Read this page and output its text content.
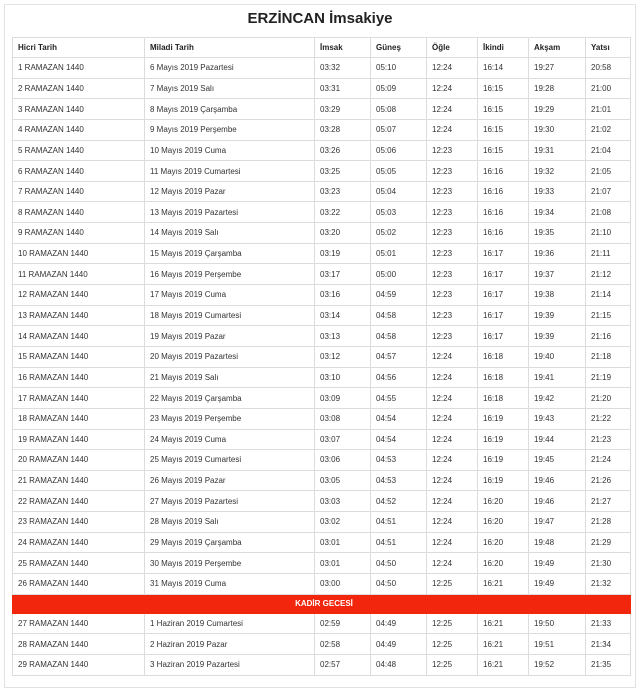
ERZİNCAN İmsakiye
Hicri Tarih	Miladi Tarih	İmsak	Güneş	Öğle	İkindi	Akşam	Yatsı
1 RAMAZAN 1440	6 Mayıs 2019 Pazartesi	03:32	05:10	12:24	16:14	19:27	20:58
2 RAMAZAN 1440	7 Mayıs 2019 Salı	03:31	05:09	12:24	16:15	19:28	21:00
3 RAMAZAN 1440	8 Mayıs 2019 Çarşamba	03:29	05:08	12:24	16:15	19:29	21:01
4 RAMAZAN 1440	9 Mayıs 2019 Perşembe	03:28	05:07	12:24	16:15	19:30	21:02
5 RAMAZAN 1440	10 Mayıs 2019 Cuma	03:26	05:06	12:23	16:15	19:31	21:04
6 RAMAZAN 1440	11 Mayıs 2019 Cumartesi	03:25	05:05	12:23	16:16	19:32	21:05
7 RAMAZAN 1440	12 Mayıs 2019 Pazar	03:23	05:04	12:23	16:16	19:33	21:07
8 RAMAZAN 1440	13 Mayıs 2019 Pazartesi	03:22	05:03	12:23	16:16	19:34	21:08
9 RAMAZAN 1440	14 Mayıs 2019 Salı	03:20	05:02	12:23	16:16	19:35	21:10
10 RAMAZAN 1440	15 Mayıs 2019 Çarşamba	03:19	05:01	12:23	16:17	19:36	21:11
11 RAMAZAN 1440	16 Mayıs 2019 Perşembe	03:17	05:00	12:23	16:17	19:37	21:12
12 RAMAZAN 1440	17 Mayıs 2019 Cuma	03:16	04:59	12:23	16:17	19:38	21:14
13 RAMAZAN 1440	18 Mayıs 2019 Cumartesi	03:14	04:58	12:23	16:17	19:39	21:15
14 RAMAZAN 1440	19 Mayıs 2019 Pazar	03:13	04:58	12:23	16:17	19:39	21:16
15 RAMAZAN 1440	20 Mayıs 2019 Pazartesi	03:12	04:57	12:24	16:18	19:40	21:18
16 RAMAZAN 1440	21 Mayıs 2019 Salı	03:10	04:56	12:24	16:18	19:41	21:19
17 RAMAZAN 1440	22 Mayıs 2019 Çarşamba	03:09	04:55	12:24	16:18	19:42	21:20
18 RAMAZAN 1440	23 Mayıs 2019 Perşembe	03:08	04:54	12:24	16:19	19:43	21:22
19 RAMAZAN 1440	24 Mayıs 2019 Cuma	03:07	04:54	12:24	16:19	19:44	21:23
20 RAMAZAN 1440	25 Mayıs 2019 Cumartesi	03:06	04:53	12:24	16:19	19:45	21:24
21 RAMAZAN 1440	26 Mayıs 2019 Pazar	03:05	04:53	12:24	16:19	19:46	21:26
22 RAMAZAN 1440	27 Mayıs 2019 Pazartesi	03:03	04:52	12:24	16:20	19:46	21:27
23 RAMAZAN 1440	28 Mayıs 2019 Salı	03:02	04:51	12:24	16:20	19:47	21:28
24 RAMAZAN 1440	29 Mayıs 2019 Çarşamba	03:01	04:51	12:24	16:20	19:48	21:29
25 RAMAZAN 1440	30 Mayıs 2019 Perşembe	03:01	04:50	12:24	16:20	19:49	21:30
26 RAMAZAN 1440	31 Mayıs 2019 Cuma	03:00	04:50	12:25	16:21	19:49	21:32
KADİR GECESİ							
27 RAMAZAN 1440	1 Haziran 2019 Cumartesi	02:59	04:49	12:25	16:21	19:50	21:33
28 RAMAZAN 1440	2 Haziran 2019 Pazar	02:58	04:49	12:25	16:21	19:51	21:34
29 RAMAZAN 1440	3 Haziran 2019 Pazartesi	02:57	04:48	12:25	16:21	19:52	21:35
